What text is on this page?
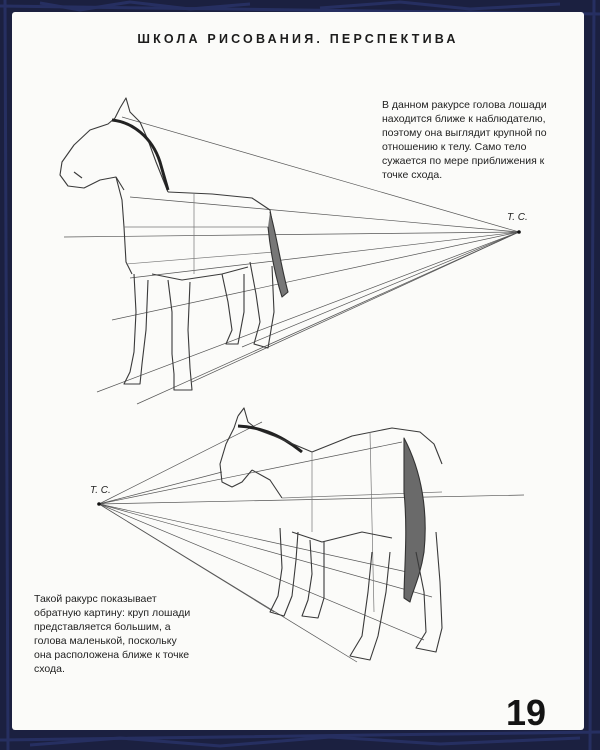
ШКОЛА РИСОВАНИЯ. ПЕРСПЕКТИВА
В данном ракурсе голова лошади находится ближе к наблюдателю, поэтому она выглядит крупной по отношению к телу. Само тело сужается по мере приближения к точке схода.
Т. С.
Т. С.
Такой ракурс показывает обратную картину: круп лошади представляется большим, а голова маленькой, поскольку она расположена ближе к точке схода.
19
